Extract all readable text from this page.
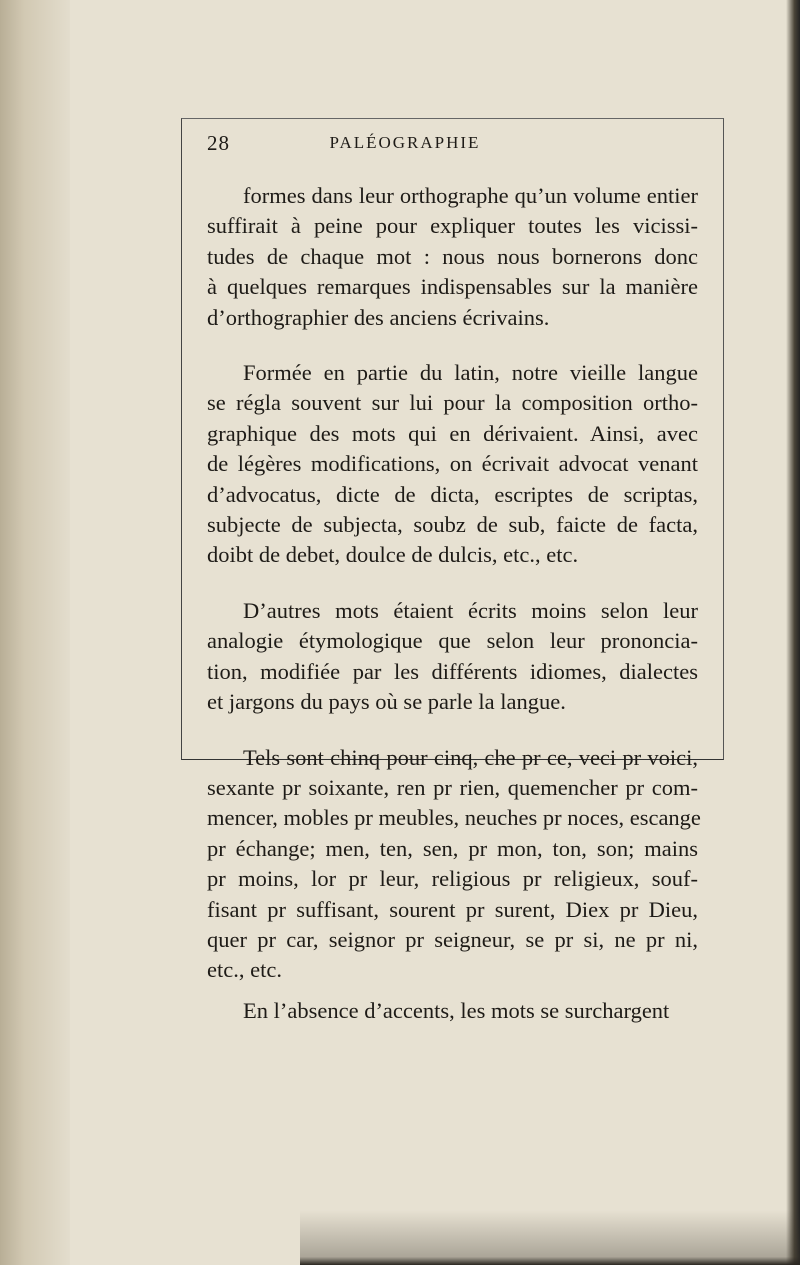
28	PALÉOGRAPHIE

formes dans leur orthographe qu’un volume entier
suffirait à peine pour expliquer toutes les vicissi-
tudes de chaque mot : nous nous bornerons donc
à quelques remarques indispensables sur la manière
d’orthographier des anciens écrivains.

Formée en partie du latin, notre vieille langue
se régla souvent sur lui pour la composition ortho-
graphique des mots qui en dérivaient. Ainsi, avec
de légères modifications, on écrivait advocat venant
d’advocatus, dicte de dicta, escriptes de scriptas,
subjecte de subjecta, soubz de sub, faicte de facta,
doibt de debet, doulce de dulcis, etc., etc.

D’autres mots étaient écrits moins selon leur
analogie étymologique que selon leur prononcia-
tion, modifiée par les différents idiomes, dialectes
et jargons du pays où se parle la langue.

Tels sont chinq pour cinq, che pr ce, veci pr voici,
sexante pr soixante, ren pr rien, quemencher pr com-
mencer, mobles pr meubles, neuches pr noces, escange
pr échange; men, ten, sen, pr mon, ton, son; mains
pr moins, lor pr leur, religious pr religieux, souf-
fisant pr suffisant, sourent pr surent, Diex pr Dieu,
quer pr car, seignor pr seigneur, se pr si, ne pr ni,
etc., etc.

En l’absence d’accents, les mots se surchargent
